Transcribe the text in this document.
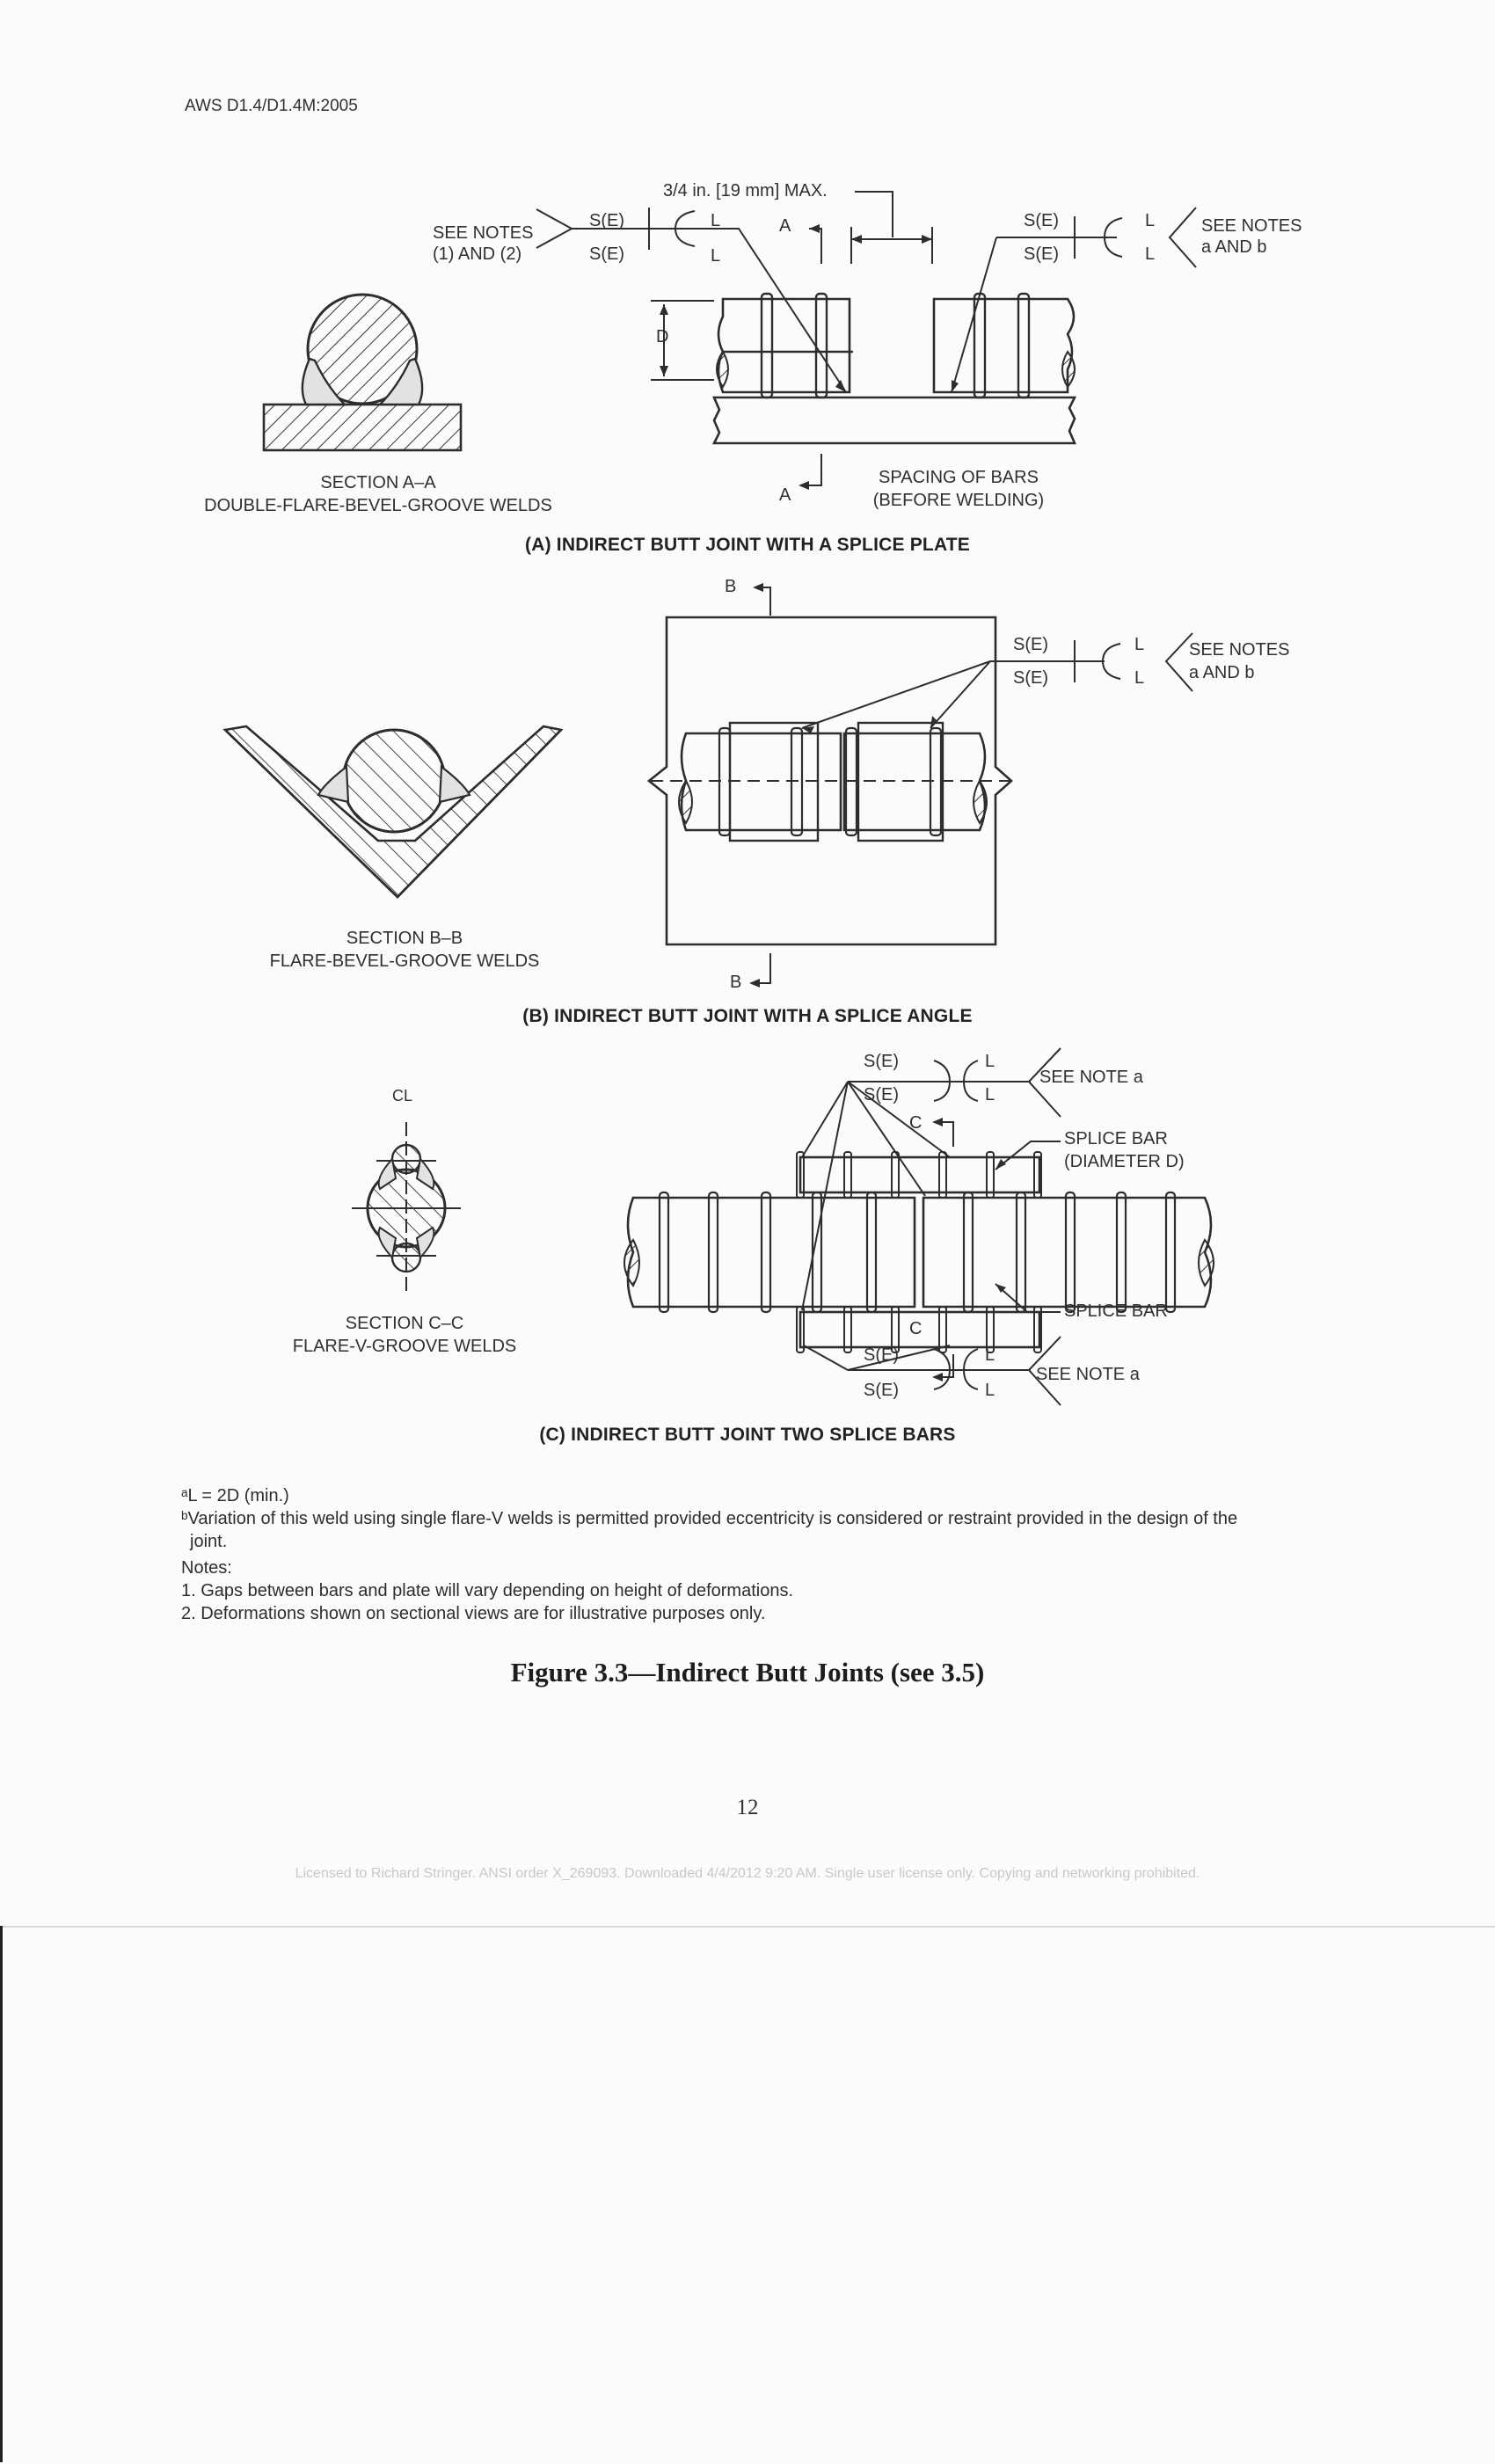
AWS D1.4/D1.4M:2005
SEE NOTES
(1) AND (2)
S(E)
S(E)
L
L
3/4 in. [19 mm] MAX.
A	S(E)
S(E)
L
L
SEE NOTES
a AND b
D
A
SPACING OF BARS
(BEFORE WELDING)
SECTION A–A
DOUBLE-FLARE-BEVEL-GROOVE WELDS
(A) INDIRECT BUTT JOINT WITH A SPLICE PLATE
B
S(E)
S(E)
L
L
SEE NOTES
a AND b
B
SECTION B–B
FLARE-BEVEL-GROOVE WELDS
(B) INDIRECT BUTT JOINT WITH A SPLICE ANGLE
CL
S(E)
S(E)
L
L
SEE NOTE a
C
SPLICE BAR
(DIAMETER D)
SPLICE BAR
C
S(E)
S(E)
L
L
SEE NOTE a
SECTION C–C
FLARE-V-GROOVE WELDS
(C) INDIRECT BUTT JOINT TWO SPLICE BARS
ᵃL = 2D (min.)
ᵇVariation of this weld using single flare-V welds is permitted provided eccentricity is considered or restraint provided in the design of the
joint.
Notes:
1. Gaps between bars and plate will vary depending on height of deformations.
2. Deformations shown on sectional views are for illustrative purposes only.
Figure 3.3—Indirect Butt Joints (see 3.5)
12
Licensed to Richard Stringer. ANSI order X_269093. Downloaded 4/4/2012 9:20 AM. Single user license only. Copying and networking prohibited.
